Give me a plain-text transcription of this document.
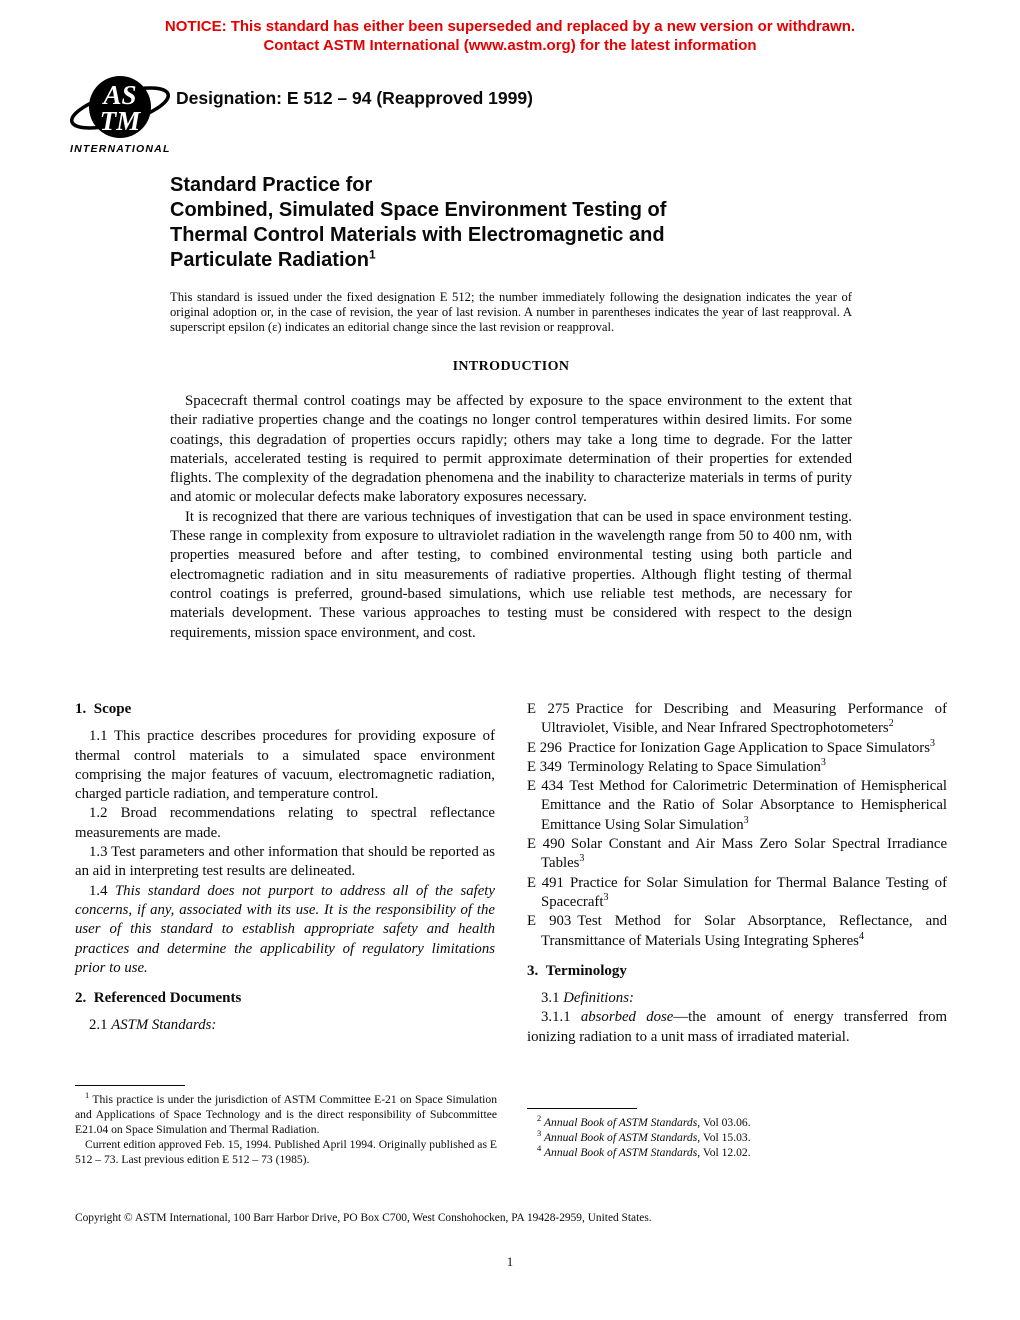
NOTICE: This standard has either been superseded and replaced by a new version or withdrawn.
Contact ASTM International (www.astm.org) for the latest information
AS
TM
INTERNATIONAL
Designation: E 512 – 94 (Reapproved 1999)
Standard Practice for
Combined, Simulated Space Environment Testing of
Thermal Control Materials with Electromagnetic and
Particulate Radiation$^1$
This standard is issued under the fixed designation E 512; the number immediately following the designation indicates the year of original adoption or, in the case of revision, the year of last revision. A number in parentheses indicates the year of last reapproval. A superscript epsilon (ε) indicates an editorial change since the last revision or reapproval.
INTRODUCTION

Spacecraft thermal control coatings may be affected by exposure to the space environment to the extent that their radiative properties change and the coatings no longer control temperatures within desired limits. For some coatings, this degradation of properties occurs rapidly; others may take a long time to degrade. For the latter materials, accelerated testing is required to permit approximate determination of their properties for extended flights. The complexity of the degradation phenomena and the inability to characterize materials in terms of purity and atomic or molecular defects make laboratory exposures necessary.

It is recognized that there are various techniques of investigation that can be used in space environment testing. These range in complexity from exposure to ultraviolet radiation in the wavelength range from 50 to 400 nm, with properties measured before and after testing, to combined environmental testing using both particle and electromagnetic radiation and in situ measurements of radiative properties. Although flight testing of thermal control coatings is preferred, ground-based simulations, which use reliable test methods, are necessary for materials development. These various approaches to testing must be considered with respect to the design requirements, mission space environment, and cost.

1. Scope

1.1 This practice describes procedures for providing exposure of thermal control materials to a simulated space environment comprising the major features of vacuum, electromagnetic radiation, charged particle radiation, and temperature control.

1.2 Broad recommendations relating to spectral reflectance measurements are made.

1.3 Test parameters and other information that should be reported as an aid in interpreting test results are delineated.

1.4 This standard does not purport to address all of the safety concerns, if any, associated with its use. It is the responsibility of the user of this standard to establish appropriate safety and health practices and determine the applicability of regulatory limitations prior to use.

2. Referenced Documents

2.1 ASTM Standards:

E 275 Practice for Describing and Measuring Performance of Ultraviolet, Visible, and Near Infrared Spectrophotometers$^2$

E 296 Practice for Ionization Gage Application to Space Simulators$^3$

E 349 Terminology Relating to Space Simulation$^3$

E 434 Test Method for Calorimetric Determination of Hemispherical Emittance and the Ratio of Solar Absorptance to Hemispherical Emittance Using Solar Simulation$^3$

E 490 Solar Constant and Air Mass Zero Solar Spectral Irradiance Tables$^3$

E 491 Practice for Solar Simulation for Thermal Balance Testing of Spacecraft$^3$

E 903 Test Method for Solar Absorptance, Reflectance, and Transmittance of Materials Using Integrating Spheres$^4$

3. Terminology

3.1 Definitions:

3.1.1 absorbed dose—the amount of energy transferred from ionizing radiation to a unit mass of irradiated material.

$^1$ This practice is under the jurisdiction of ASTM Committee E-21 on Space Simulation and Applications of Space Technology and is the direct responsibility of Subcommittee E21.04 on Space Simulation and Thermal Radiation.

Current edition approved Feb. 15, 1994. Published April 1994. Originally published as E 512 – 73. Last previous edition E 512 – 73 (1985).

$^2$ Annual Book of ASTM Standards, Vol 03.06.

$^3$ Annual Book of ASTM Standards, Vol 15.03.

$^4$ Annual Book of ASTM Standards, Vol 12.02.

Copyright © ASTM International, 100 Barr Harbor Drive, PO Box C700, West Conshohocken, PA 19428-2959, United States.
1
